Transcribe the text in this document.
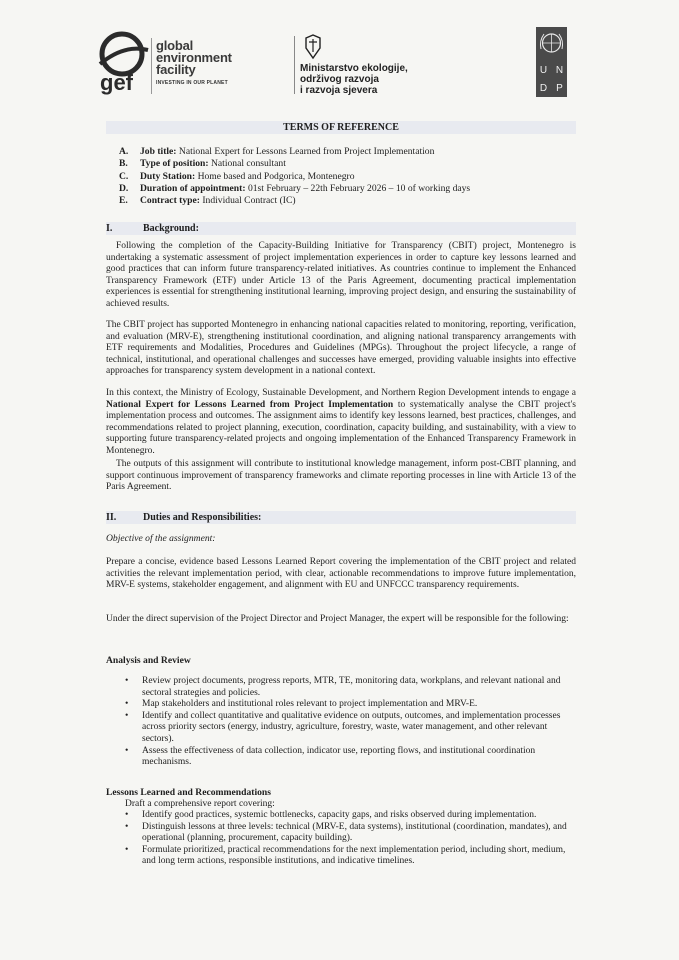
gef
global
environment
facility
INVESTING IN OUR PLANET
Ministarstvo ekologije,
održivog razvoja
i razvoja sjevera
U N
D P
TERMS OF REFERENCE
A. Job title: National Expert for Lessons Learned from Project Implementation
B. Type of position: National consultant
C. Duty Station: Home based and Podgorica, Montenegro
D. Duration of appointment: 01st February – 22th February 2026 – 10 of working days
E. Contract type: Individual Contract (IC)
I.	Background:
Following the completion of the Capacity-Building Initiative for Transparency (CBIT) project, Montenegro is undertaking a systematic assessment of project implementation experiences in order to capture key lessons learned and good practices that can inform future transparency-related initiatives. As countries continue to implement the Enhanced Transparency Framework (ETF) under Article 13 of the Paris Agreement, documenting practical implementation experiences is essential for strengthening institutional learning, improving project design, and ensuring the sustainability of achieved results.
The CBIT project has supported Montenegro in enhancing national capacities related to monitoring, reporting, verification, and evaluation (MRV-E), strengthening institutional coordination, and aligning national transparency arrangements with ETF requirements and Modalities, Procedures and Guidelines (MPGs). Throughout the project lifecycle, a range of technical, institutional, and operational challenges and successes have emerged, providing valuable insights into effective approaches for transparency system development in a national context.
In this context, the Ministry of Ecology, Sustainable Development, and Northern Region Development intends to engage a National Expert for Lessons Learned from Project Implementation to systematically analyse the CBIT project's implementation process and outcomes. The assignment aims to identify key lessons learned, best practices, challenges, and recommendations related to project planning, execution, coordination, capacity building, and sustainability, with a view to supporting future transparency-related projects and ongoing implementation of the Enhanced Transparency Framework in Montenegro.
The outputs of this assignment will contribute to institutional knowledge management, inform post-CBIT planning, and support continuous improvement of transparency frameworks and climate reporting processes in line with Article 13 of the Paris Agreement.
II.	Duties and Responsibilities:
Objective of the assignment:
Prepare a concise, evidence based Lessons Learned Report covering the implementation of the CBIT project and related activities the relevant implementation period, with clear, actionable recommendations to improve future implementation, MRV-E systems, stakeholder engagement, and alignment with EU and UNFCCC transparency requirements.
Under the direct supervision of the Project Director and Project Manager, the expert will be responsible for the following:
Analysis and Review
• Review project documents, progress reports, MTR, TE, monitoring data, workplans, and relevant national and sectoral strategies and policies.
• Map stakeholders and institutional roles relevant to project implementation and MRV-E.
• Identify and collect quantitative and qualitative evidence on outputs, outcomes, and implementation processes across priority sectors (energy, industry, agriculture, forestry, waste, water management, and other relevant sectors).
• Assess the effectiveness of data collection, indicator use, reporting flows, and institutional coordination mechanisms.
Lessons Learned and Recommendations
Draft a comprehensive report covering:
• Identify good practices, systemic bottlenecks, capacity gaps, and risks observed during implementation.
• Distinguish lessons at three levels: technical (MRV-E, data systems), institutional (coordination, mandates), and operational (planning, procurement, capacity building).
• Formulate prioritized, practical recommendations for the next implementation period, including short, medium, and long term actions, responsible institutions, and indicative timelines.
